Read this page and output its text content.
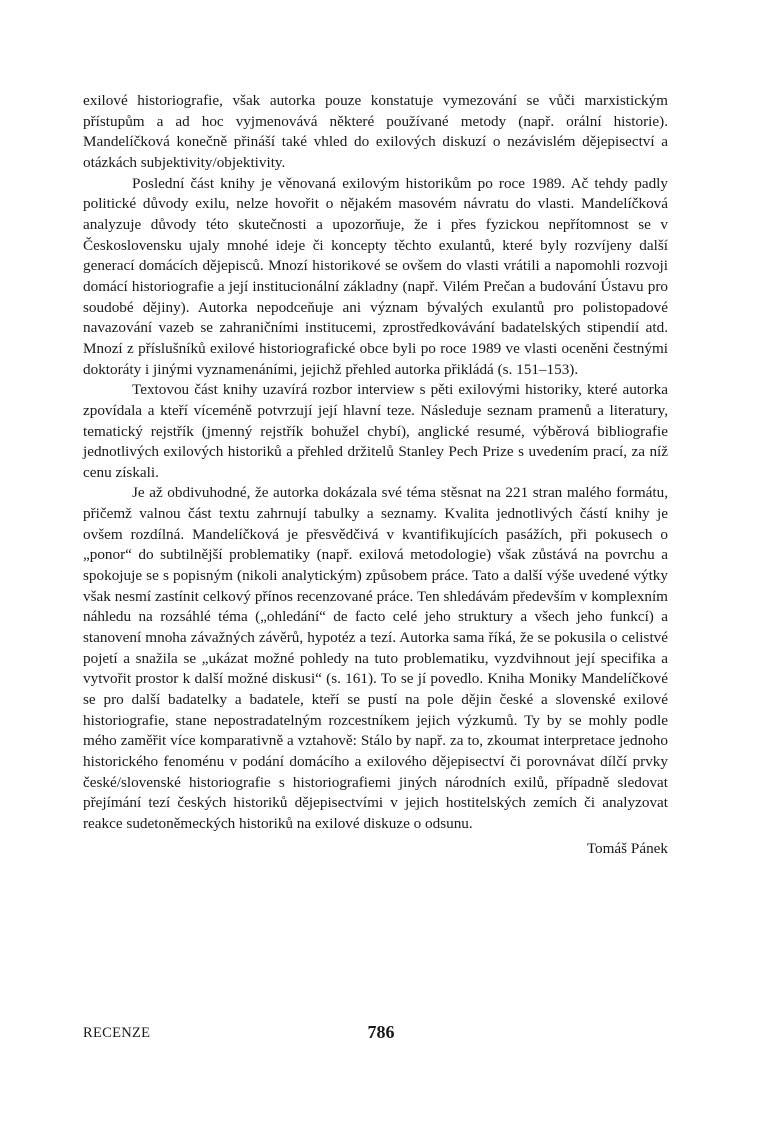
exilové historiografie, však autorka pouze konstatuje vymezování se vůči marxistickým přístupům a ad hoc vyjmenovává některé používané metody (např. orální historie). Mandelíčková konečně přináší také vhled do exilových diskuzí o nezávislém dějepisectví a otázkách subjektivity/objektivity.

Poslední část knihy je věnovaná exilovým historikům po roce 1989. Ač tehdy padly politické důvody exilu, nelze hovořit o nějakém masovém návratu do vlasti. Mandelíčková analyzuje důvody této skutečnosti a upozorňuje, že i přes fyzickou nepřítomnost se v Československu ujaly mnohé ideje či koncepty těchto exulantů, které byly rozvíjeny další generací domácích dějepisců. Mnozí historikové se ovšem do vlasti vrátili a napomohli rozvoji domácí historiografie a její institucionální základny (např. Vilém Prečan a budování Ústavu pro soudobé dějiny). Autorka nepodceňuje ani význam bývalých exulantů pro polistopadové navazování vazeb se zahraničními institucemi, zprostředkovávání badatelských stipendií atd. Mnozí z příslušníků exilové historiografické obce byli po roce 1989 ve vlasti oceněni čestnými doktoráty i jinými vyznamenáními, jejichž přehled autorka přikládá (s. 151–153).

Textovou část knihy uzavírá rozbor interview s pěti exilovými historiky, které autorka zpovídala a kteří víceméně potvrzují její hlavní teze. Následuje seznam pramenů a literatury, tematický rejstřík (jmenný rejstřík bohužel chybí), anglické resumé, výběrová bibliografie jednotlivých exilových historiků a přehled držitelů Stanley Pech Prize s uvedením prací, za níž cenu získali.

Je až obdivuhodné, že autorka dokázala své téma stěsnat na 221 stran malého formátu, přičemž valnou část textu zahrnují tabulky a seznamy. Kvalita jednotlivých částí knihy je ovšem rozdílná. Mandelíčková je přesvědčivá v kvantifikujících pasážích, při pokusech o „ponor“ do subtilnější problematiky (např. exilová metodologie) však zůstává na povrchu a spokojuje se s popisným (nikoli analytickým) způsobem práce. Tato a další výše uvedené výtky však nesmí zastínit celkový přínos recenzované práce. Ten shledávám především v komplexním náhledu na rozsáhlé téma („ohledání“ de facto celé jeho struktury a všech jeho funkcí) a stanovení mnoha závažných závěrů, hypotéz a tezí. Autorka sama říká, že se pokusila o celistvé pojetí a snažila se „ukázat možné pohledy na tuto problematiku, vyzdvihnout její specifika a vytvořit prostor k další možné diskusi“ (s. 161). To se jí povedlo. Kniha Moniky Mandelíčkové se pro další badatelky a badatele, kteří se pustí na pole dějin české a slovenské exilové historiografie, stane nepostradatelným rozcestníkem jejich výzkumů. Ty by se mohly podle mého zaměřit více komparativně a vztahově: Stálo by např. za to, zkoumat interpretace jednoho historického fenoménu v podání domácího a exilového dějepisectví či porovnávat dílčí prvky české/slovenské historiografie s historiografiemi jiných národních exilů, případně sledovat přejímání tezí českých historiků dějepisectvími v jejich hostitelských zemích či analyzovat reakce sudetoněmeckých historiků na exilové diskuze o odsunu.

Tomáš Pánek
RECENZE	786
